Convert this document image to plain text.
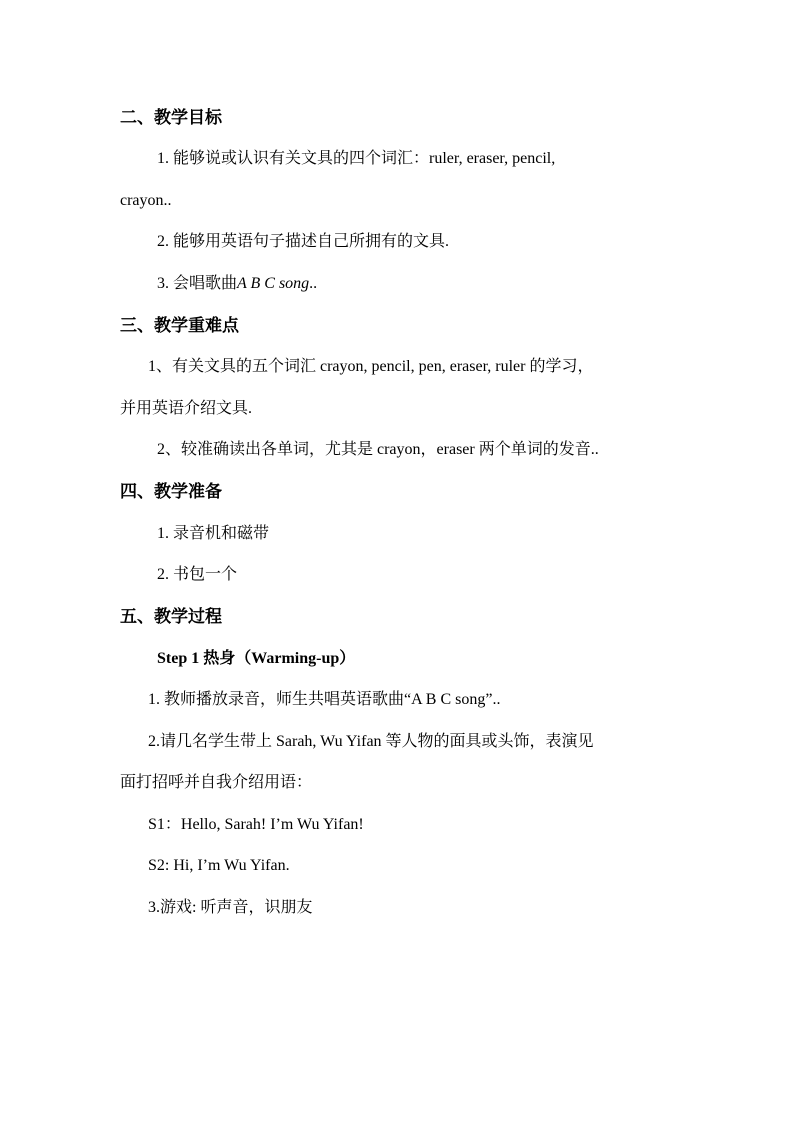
二、教学目标
1. 能够说或认识有关文具的四个词汇：ruler, eraser, pencil,
crayon..
2. 能够用英语句子描述自己所拥有的文具.
3. 会唱歌曲A B C song..
三、教学重难点
1、有关文具的五个词汇 crayon, pencil, pen, eraser, ruler 的学习，
并用英语介绍文具.
2、较准确读出各单词，尤其是 crayon，eraser 两个单词的发音..
四、教学准备
1. 录音机和磁带
2. 书包一个
五、教学过程
Step 1 热身（Warming-up）
1. 教师播放录音，师生共唱英语歌曲“A B C song”..
2.请几名学生带上 Sarah, Wu Yifan 等人物的面具或头饰，表演见
面打招呼并自我介绍用语：
S1：Hello, Sarah! I’m Wu Yifan!
S2: Hi, I’m Wu Yifan.
3.游戏: 听声音，识朋友
